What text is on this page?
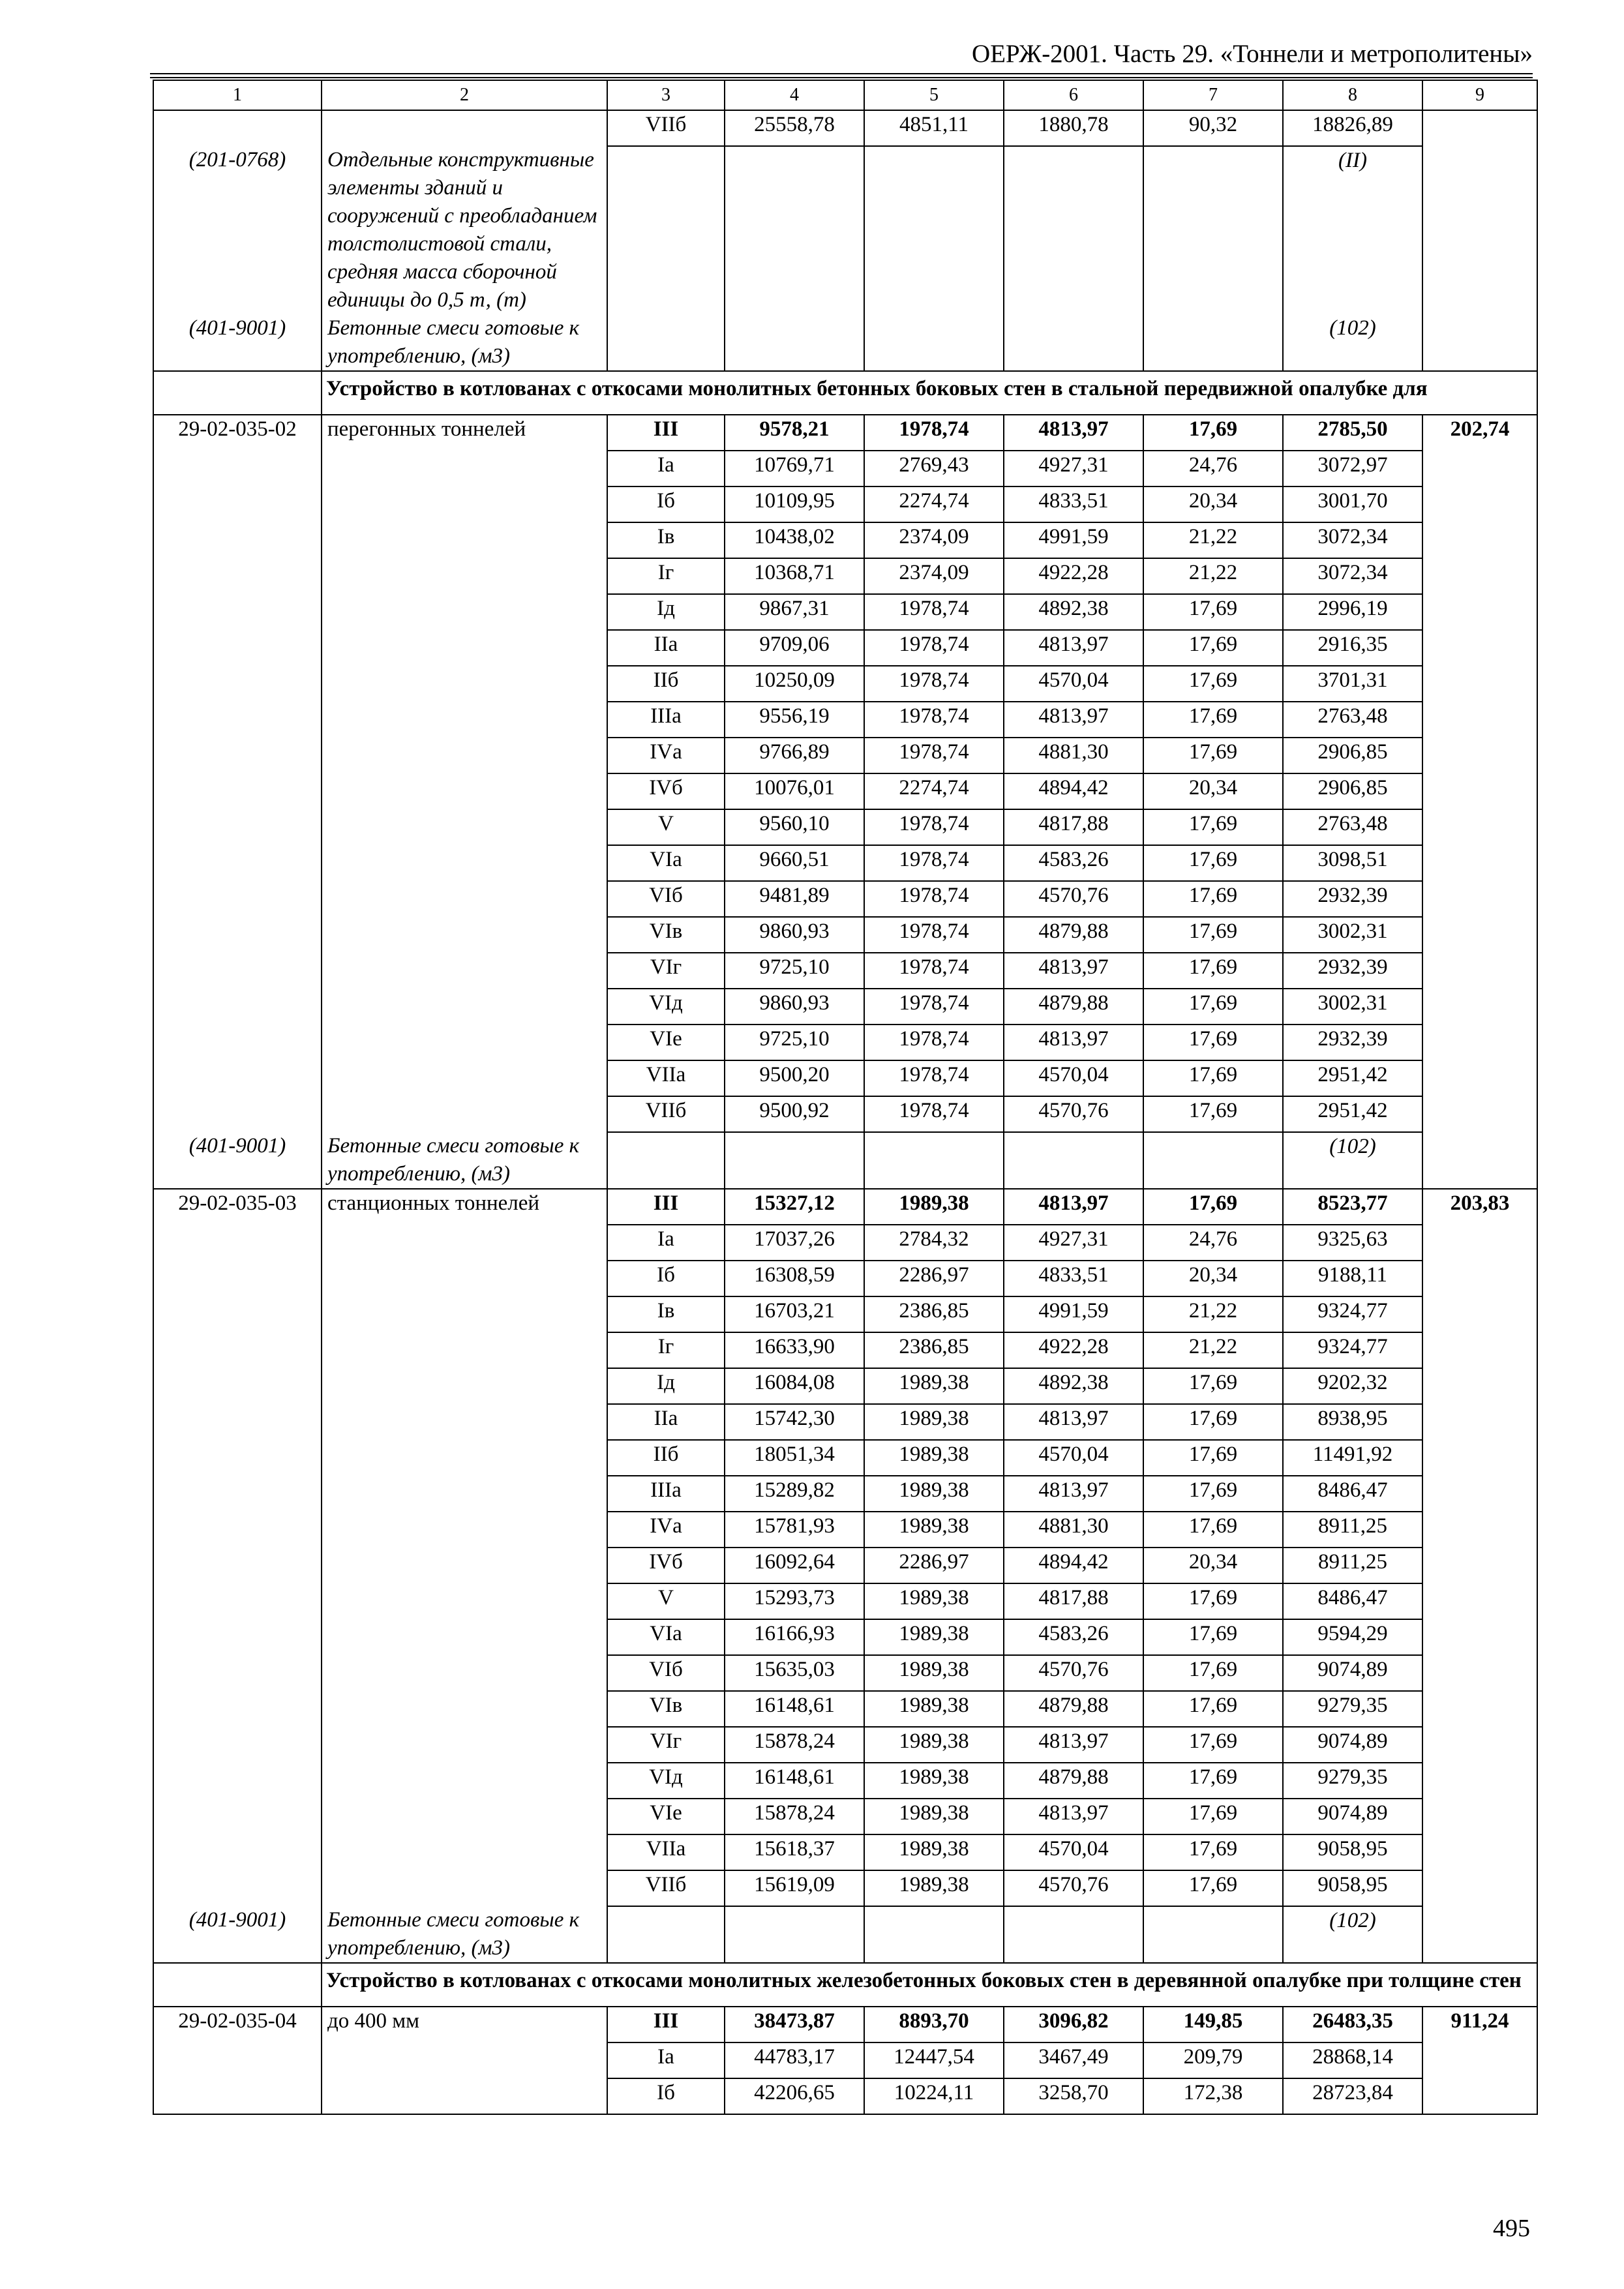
ОЕРЖ-2001. Часть 29. «Тоннели и метрополитены»
1	2	3	4	5	6	7	8	9
		VIIб	25558,78	4851,11	1880,78	90,32	18826,89	
(201-0768)	Отдельные конструктивные элементы зданий и сооружений с преобладанием толстолистовой стали, средняя масса сборочной единицы до 0,5 т, (т)						(II)	
(401-9001)	Бетонные смеси готовые к употреблению, (м3)						(102)	
	Устройство в котлованах с откосами монолитных бетонных боковых стен в стальной передвижной опалубке для							
29-02-035-02	перегонных тоннелей	III	9578,21	1978,74	4813,97	17,69	2785,50	202,74
		Iа	10769,71	2769,43	4927,31	24,76	3072,97	
		Iб	10109,95	2274,74	4833,51	20,34	3001,70	
		Iв	10438,02	2374,09	4991,59	21,22	3072,34	
		Iг	10368,71	2374,09	4922,28	21,22	3072,34	
		Iд	9867,31	1978,74	4892,38	17,69	2996,19	
		IIа	9709,06	1978,74	4813,97	17,69	2916,35	
		IIб	10250,09	1978,74	4570,04	17,69	3701,31	
		IIIа	9556,19	1978,74	4813,97	17,69	2763,48	
		IVа	9766,89	1978,74	4881,30	17,69	2906,85	
		IVб	10076,01	2274,74	4894,42	20,34	2906,85	
		V	9560,10	1978,74	4817,88	17,69	2763,48	
		VIа	9660,51	1978,74	4583,26	17,69	3098,51	
		VIб	9481,89	1978,74	4570,76	17,69	2932,39	
		VIв	9860,93	1978,74	4879,88	17,69	3002,31	
		VIг	9725,10	1978,74	4813,97	17,69	2932,39	
		VIд	9860,93	1978,74	4879,88	17,69	3002,31	
		VIе	9725,10	1978,74	4813,97	17,69	2932,39	
		VIIа	9500,20	1978,74	4570,04	17,69	2951,42	
		VIIб	9500,92	1978,74	4570,76	17,69	2951,42	
(401-9001)	Бетонные смеси готовые к употреблению, (м3)						(102)	
29-02-035-03	станционных тоннелей	III	15327,12	1989,38	4813,97	17,69	8523,77	203,83
		Iа	17037,26	2784,32	4927,31	24,76	9325,63	
		Iб	16308,59	2286,97	4833,51	20,34	9188,11	
		Iв	16703,21	2386,85	4991,59	21,22	9324,77	
		Iг	16633,90	2386,85	4922,28	21,22	9324,77	
		Iд	16084,08	1989,38	4892,38	17,69	9202,32	
		IIа	15742,30	1989,38	4813,97	17,69	8938,95	
		IIб	18051,34	1989,38	4570,04	17,69	11491,92	
		IIIа	15289,82	1989,38	4813,97	17,69	8486,47	
		IVа	15781,93	1989,38	4881,30	17,69	8911,25	
		IVб	16092,64	2286,97	4894,42	20,34	8911,25	
		V	15293,73	1989,38	4817,88	17,69	8486,47	
		VIа	16166,93	1989,38	4583,26	17,69	9594,29	
		VIб	15635,03	1989,38	4570,76	17,69	9074,89	
		VIв	16148,61	1989,38	4879,88	17,69	9279,35	
		VIг	15878,24	1989,38	4813,97	17,69	9074,89	
		VIд	16148,61	1989,38	4879,88	17,69	9279,35	
		VIе	15878,24	1989,38	4813,97	17,69	9074,89	
		VIIа	15618,37	1989,38	4570,04	17,69	9058,95	
		VIIб	15619,09	1989,38	4570,76	17,69	9058,95	
(401-9001)	Бетонные смеси готовые к употреблению, (м3)						(102)	
	Устройство в котлованах с откосами монолитных железобетонных боковых стен в деревянной опалубке при толщине стен							
29-02-035-04	до 400 мм	III	38473,87	8893,70	3096,82	149,85	26483,35	911,24
		Iа	44783,17	12447,54	3467,49	209,79	28868,14	
		Iб	42206,65	10224,11	3258,70	172,38	28723,84	
495
